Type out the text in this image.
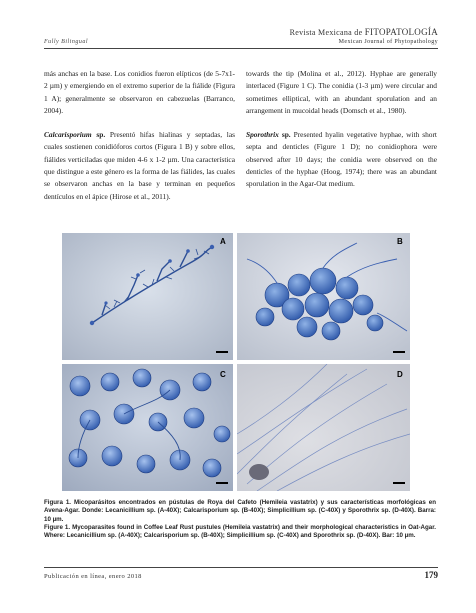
Fully Bilingual
Revista Mexicana de FITOPATOLOGÍA
Mexican Journal of Phytopathology

más anchas en la base. Los conidios fueron elípticos (de 5-7x1-2 µm) y emergiendo en el extremo superior de la fiálide (Figura 1 A); generalmente se observaron en cabezuelas (Barranco, 2004).

Calcarisporium sp. Presentó hifas hialinas y septadas, las cuales sostienen conidióforos cortos (Figura 1 B) y sobre ellos, fiálides verticiladas que miden 4-6 x 1-2 µm. Una característica que distingue a este género es la forma de las fiálides, las cuales se observaron anchas en la base y terminan en pequeños dentículos en el ápice (Hirose et al., 2011).

towards the tip (Molina et al., 2012). Hyphae are generally interlaced (Figure 1 C). The conidia (1-3 µm) were circular and sometimes elliptical, with an abundant sporulation and an arrangement in mucoidal heads (Domsch et al., 1980).

Sporothrix sp. Presented hyalin vegetative hyphae, with short septa and denticles (Figure 1 D); no conidiophora were observed after 10 days; the conidia were observed on the denticles of the hyphae (Hoog, 1974); there was an abundant sporulation in the Agar-Oat medium.

A	B
C	D
Figura 1. Micoparásitos encontrados en pústulas de Roya del Cafeto (Hemileia vastatrix) y sus características morfológicas en Avena-Agar. Donde: Lecanicillium sp. (A-40X); Calcarisporium sp. (B-40X); Simplicillium sp. (C-40X) y Sporothrix sp. (D-40X). Barra: 10 µm.
Figure 1. Mycoparasites found in Coffee Leaf Rust pustules (Hemileia vastatrix) and their morphological characteristics in Oat-Agar. Where: Lecanicillium sp. (A-40X); Calcarisporium sp. (B-40X); Simplicillium sp. (C-40X) and Sporothrix sp. (D-40X). Bar: 10 µm.
Publicación en línea, enero 2018	179
